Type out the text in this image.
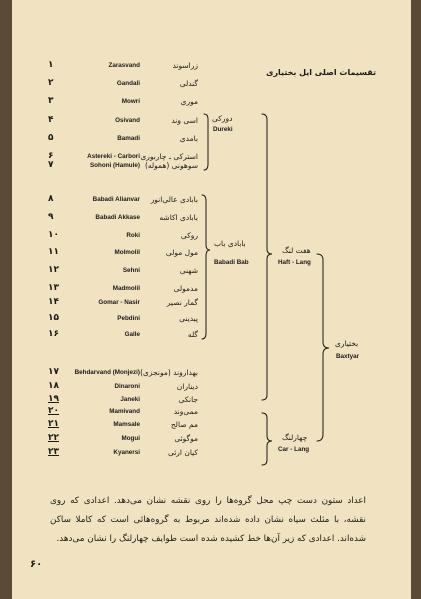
تقسیمات اصلی ایل بختیاری
۱	Zarasvand	زراسوند
۲	Gandali	گندلی
۳	Mowri	موری
۴	Osivand	اسی وند
۵	Bamadi	بامدی
۶	Astereki - Carbori استرکی ـ چاربوری
۷	Sohoni (Hamule) سوهونی (هموله)
۸	Babadi Alianvar بابادی عالی‌انور
۹	Babadi Akkase	بابادی اکاشه
۱۰	Roki	روکی
۱۱	Molmolil	مول مولی
۱۲	Sehni	شهنی
۱۳	Madmolil	مدمولی
۱۴	Gomar - Nasir	گمار نصیر
۱۵	Pebdini	پبدینی
۱۶	Galle	گله
۱۷ Behdarvand (Monjezi) بهداروند (مونجزی)
۱۸	Dinaroni	دیناران
۱۹	Janeki	جانکی
۲۰	Mamivand	ممی‌وند
۲۱	Mamsale	مم صالح
۲۲	Mogui	موگوئی
۲۳	Kyanersi	کیان ارثی
دورکی
Dureki
بابادی باب
Babadi Bab
هفت لنگ
Haft - Lang
چهارلنگ
Car - Lang
بختیاری
Baxtyar
اعداد ستون دست چپ محل گروه‌ها را روی نقشه نشان می‌دهد. اعدادی که روی نقشه، با مثلث سیاه نشان داده شده‌اند مربوط به گروه‌هائی است که کاملا ساکن شده‌اند. اعدادی که زیر آن‌ها خط کشیده شده است طوایف چهارلنگ را نشان می‌دهد.
۶۰
